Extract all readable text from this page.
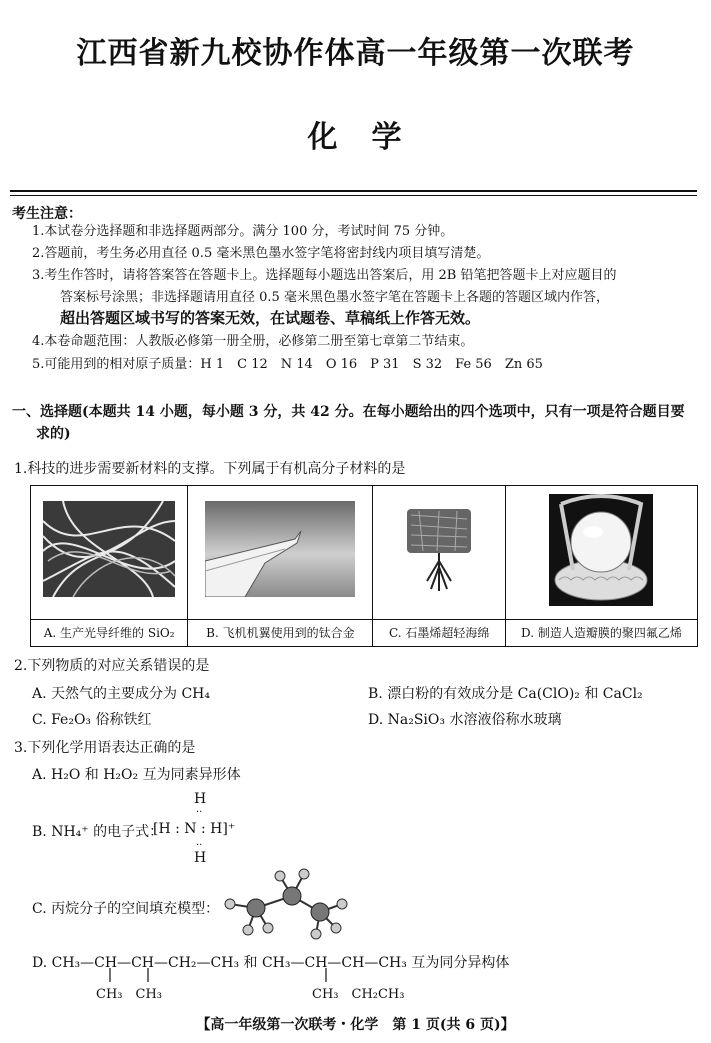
江西省新九校协作体高一年级第一次联考
化　学
考生注意：
1.本试卷分选择题和非选择题两部分。满分 100 分，考试时间 75 分钟。
2.答题前，考生务必用直径 0.5 毫米黑色墨水签字笔将密封线内项目填写清楚。
3.考生作答时，请将答案答在答题卡上。选择题每小题选出答案后，用 2B 铅笔把答题卡上对应题目的
答案标号涂黑；非选择题请用直径 0.5 毫米黑色墨水签字笔在答题卡上各题的答题区域内作答，
超出答题区域书写的答案无效，在试题卷、草稿纸上作答无效。
4.本卷命题范围：人教版必修第一册全册，必修第二册至第七章第二节结束。
5.可能用到的相对原子质量：H 1　C 12　N 14　O 16　P 31　S 32　Fe 56　Zn 65
一、选择题(本题共 14 小题，每小题 3 分，共 42 分。在每小题给出的四个选项中，只有一项是符合题目要
求的)
1.科技的进步需要新材料的支撑。下列属于有机高分子材料的是
A. 生产光导纤维的 SiO₂	B. 飞机机翼使用到的钛合金	C. 石墨烯超轻海绵	D. 制造人造瓣膜的聚四氟乙烯
2.下列物质的对应关系错误的是
A. 天然气的主要成分为 CH₄	B. 漂白粉的有效成分是 Ca(ClO)₂ 和 CaCl₂
C. Fe₂O₃ 俗称铁红	D. Na₂SiO₃ 水溶液俗称水玻璃
3.下列化学用语表达正确的是
A. H₂O 和 H₂O₂ 互为同素异形体
H
··
B. NH₄⁺ 的电子式：
[H : N : H]⁺
··
H
C. 丙烷分子的空间填充模型：
D. CH₃—CH—CH—CH₂—CH₃ 和 CH₃—CH—CH—CH₃ 互为同分异构体
CH₃　CH₃	CH₃　CH₂CH₃
【高一年级第一次联考・化学　第 1 页(共 6 页)】
